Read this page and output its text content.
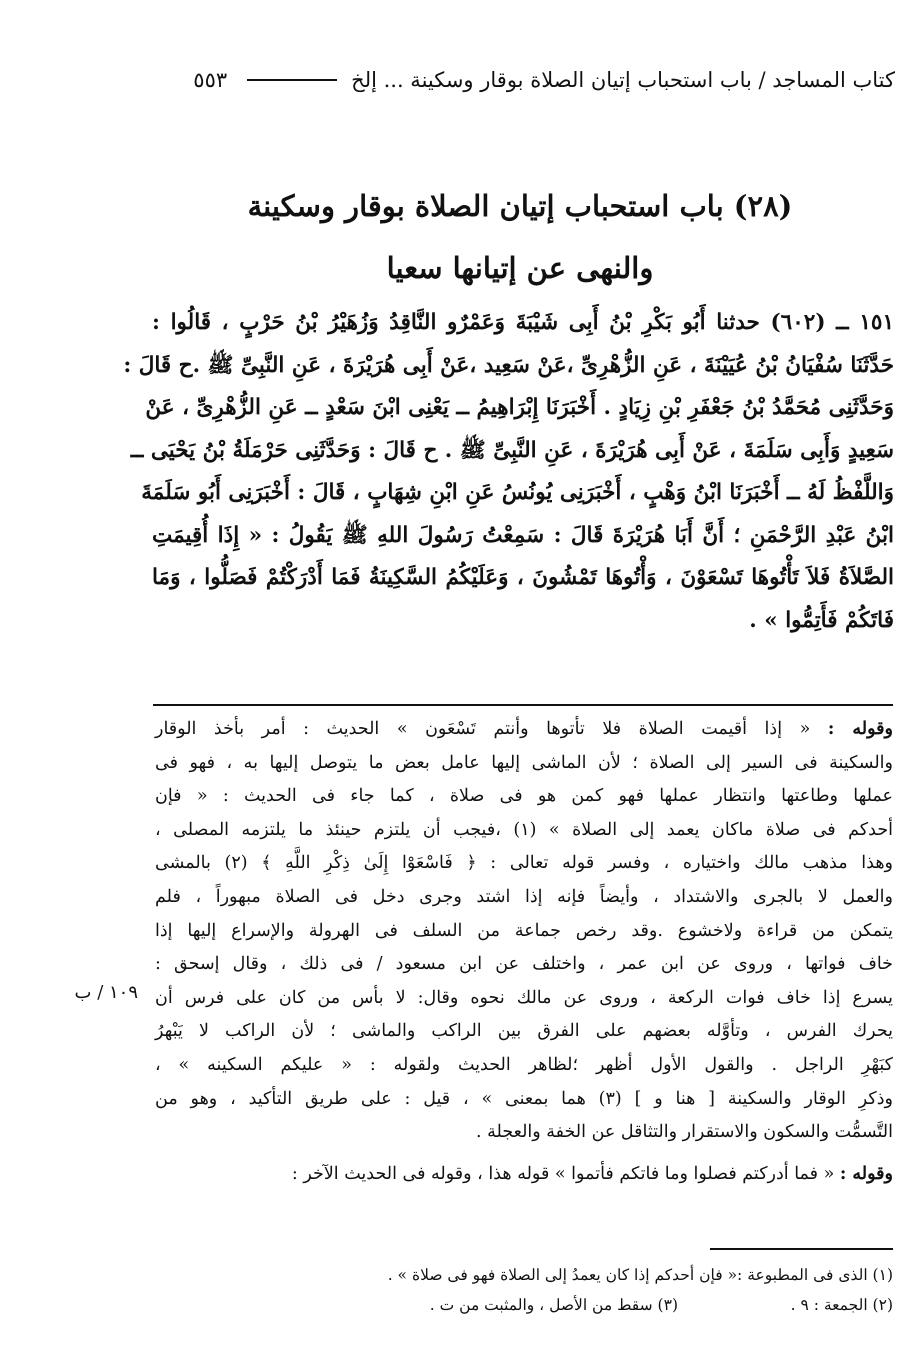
كتاب المساجد / باب استحباب إتيان الصلاة بوقار وسكينة ... إلخ
٥٥٣
(٢٨) باب استحباب إتيان الصلاة بوقار وسكينة
والنهى عن إتيانها سعيا
١٥١ ــ (٦٠٢) حدثنا أَبُو بَكْرِ بْنُ أَبِى شَيْبَةَ وَعَمْرٌو النَّاقِدُ وَزُهَيْرُ بْنُ حَرْبٍ ، قَالُوا :
حَدَّثَنَا سُفْيَانُ بْنُ عُيَيْنَةَ ، عَنِ الزُّهْرِىِّ ،عَنْ سَعِيد ،عَنْ أَبِى هُرَيْرَةَ ، عَنِ النَّبِىِّ ﷺ .ح قَالَ :
وَحَدَّثَنِى مُحَمَّدُ بْنُ جَعْفَرِ بْنِ زِيَادٍ . أَخْبَرَنَا إِبْرَاهِيمُ ــ يَعْنِى ابْنَ سَعْدٍ ــ عَنِ الزُّهْرِىِّ ، عَنْ
سَعِيدٍ وَأَبِى سَلَمَةَ ، عَنْ أَبِى هُرَيْرَةَ ، عَنِ النَّبِىِّ ﷺ . ح قَالَ : وَحَدَّثَنِى حَرْمَلَةُ بْنُ يَحْيَى ــ
وَاللَّفْظُ لَهُ ــ أَخْبَرَنَا ابْنُ وَهْبٍ ، أَخْبَرَنِى يُونُسُ عَنِ ابْنِ شِهَابٍ ، قَالَ : أَخْبَرَنِى أَبُو سَلَمَةَ
ابْنُ عَبْدِ الرَّحْمَنِ ؛ أَنَّ أَبَا هُرَيْرَةَ قَالَ : سَمِعْتُ رَسُولَ اللهِ ﷺ يَقُولُ : « إِذَا أُقِيمَتِ
الصَّلاَةُ فَلاَ تَأْتُوهَا تَسْعَوْنَ ، وَأْتُوهَا تَمْشُونَ ، وَعَلَيْكُمُ السَّكِينَةُ فَمَا أَدْرَكْتُمْ فَصَلُّوا ، وَمَا
فَاتَكُمْ فَأَتِمُّوا » .
وقوله : « إذا أقيمت الصلاة فلا تأتوها وأنتم تَسْعَون » الحديث : أمر بأخذ الوقار
والسكينة فى السير إلى الصلاة ؛ لأن الماشى إليها عامل بعض ما يتوصل إليها به ، فهو فى
عملها وطاعتها وانتظار عملها فهو كمن هو فى صلاة ، كما جاء فى الحديث : « فإن
أحدكم فى صلاة ماكان يعمد إلى الصلاة » (١) ،فيجب أن يلتزم حينئذ ما يلتزمه المصلى ،
وهذا مذهب مالك واختياره ، وفسر قوله تعالى : ﴿ فَاسْعَوْا إِلَىٰ ذِكْرِ اللَّهِ ﴾ (٢) بالمشى
والعمل لا بالجرى والاشتداد ، وأيضاً فإنه إذا اشتد وجرى دخل فى الصلاة مبهوراً ، فلم
يتمكن من قراءة ولاخشوع .وقد رخص جماعة من السلف فى الهرولة والإسراع إليها إذا
خاف فواتها ، وروى عن ابن عمر ، واختلف عن ابن مسعود / فى ذلك ، وقال إسحق :
يسرع إذا خاف فوات الركعة ، وروى عن مالك نحوه وقال: لا بأس من كان على فرس أن
يحرك الفرس ، وتأوَّله بعضهم على الفرق بين الراكب والماشى ؛ لأن الراكب لا يَبْهرُ
كبَهْرِ الراجل . والقول الأول أظهر ؛لظاهر الحديث ولقوله : « عليكم السكينه » ،
وذكرِ الوقار والسكينة [ هنا و ] (٣) هما بمعنى » ، قيل : على طريق التأكيد ، وهو من
التَّسمُّت والسكون والاستقرار والتثاقل عن الخفة والعجلة .
وقوله : « فما أدركتم فصلوا وما فاتكم فأتموا » قوله هذا ، وقوله فى الحديث الآخر :
١٠٩ / ب
(١) الذى فى المطبوعة :« فإن أحدكم إذا كان يعمدُ إلى الصلاة فهو فى صلاة » .
(٢) الجمعة : ٩ .
(٣) سقط من الأصل ، والمثبت من ت .
